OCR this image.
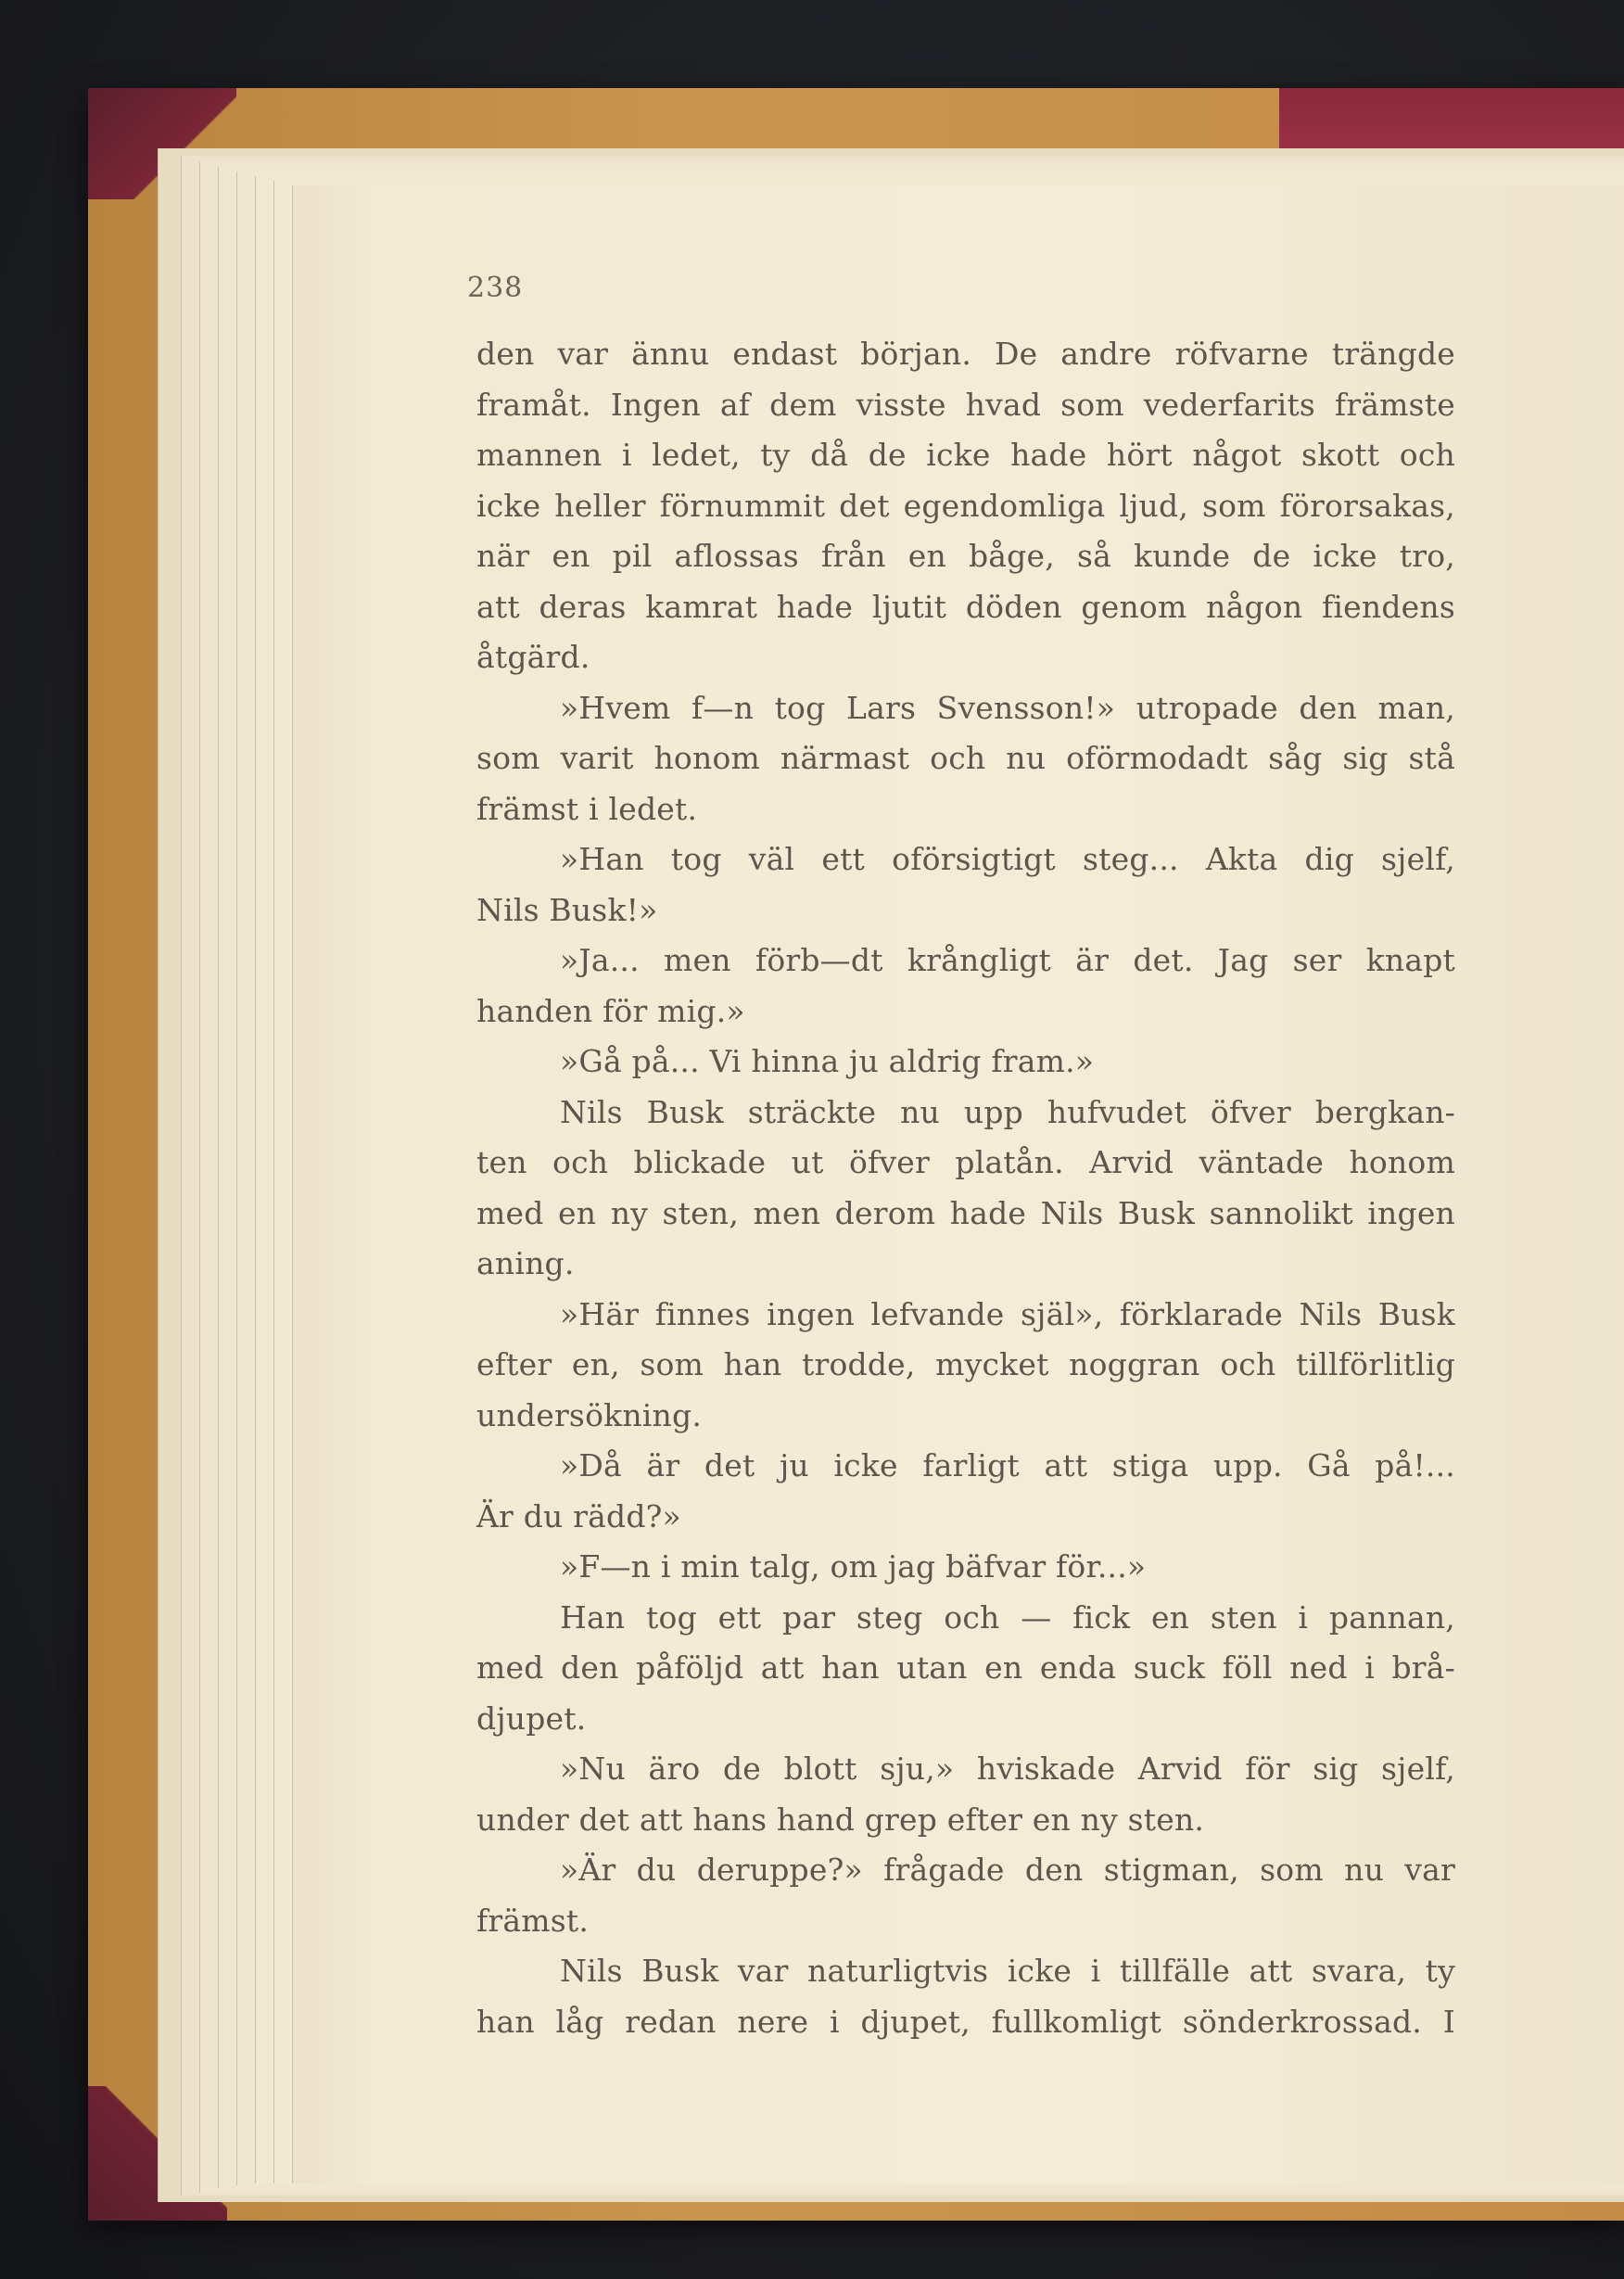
238
den var ännu endast början. De andre röfvarne trängde
framåt. Ingen af dem visste hvad som vederfarits främste
mannen i ledet, ty då de icke hade hört något skott och
icke heller förnummit det egendomliga ljud, som förorsakas,
när en pil aflossas från en båge, så kunde de icke tro,
att deras kamrat hade ljutit döden genom någon fiendens
åtgärd.
»Hvem f—n tog Lars Svensson!» utropade den man,
som varit honom närmast och nu oförmodadt såg sig stå
främst i ledet.
»Han tog väl ett oförsigtigt steg... Akta dig sjelf,
Nils Busk!»
»Ja... men förb—dt krångligt är det. Jag ser knapt
handen för mig.»
»Gå på... Vi hinna ju aldrig fram.»
Nils Busk sträckte nu upp hufvudet öfver bergkan-
ten och blickade ut öfver platån. Arvid väntade honom
med en ny sten, men derom hade Nils Busk sannolikt ingen
aning.
»Här finnes ingen lefvande själ», förklarade Nils Busk
efter en, som han trodde, mycket noggran och tillförlitlig
undersökning.
»Då är det ju icke farligt att stiga upp. Gå på!...
Är du rädd?»
»F—n i min talg, om jag bäfvar för...»
Han tog ett par steg och — fick en sten i pannan,
med den påföljd att han utan en enda suck föll ned i brå-
djupet.
»Nu äro de blott sju,» hviskade Arvid för sig sjelf,
under det att hans hand grep efter en ny sten.
»Är du deruppe?» frågade den stigman, som nu var
främst.
Nils Busk var naturligtvis icke i tillfälle att svara, ty
han låg redan nere i djupet, fullkomligt sönderkrossad. I
